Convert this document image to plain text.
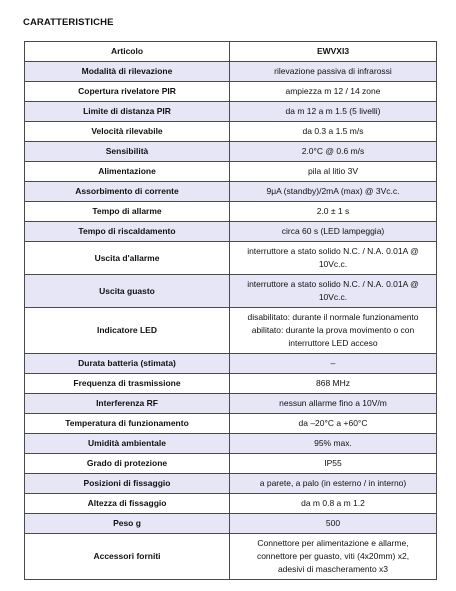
CARATTERISTICHE
Articolo	EWVXI3
Modalità di rilevazione	rilevazione passiva di infrarossi

Copertura rivelatore PIR	ampiezza m 12 / 14 zone

Limite di distanza PIR	da m 12 a m 1.5 (5 livelli)

Velocità rilevabile	da 0.3 a 1.5 m/s

Sensibilità	2.0°C @ 0.6 m/s

Alimentazione	pila al litio 3V

Assorbimento di corrente	9μA (standby)/2mA (max) @ 3Vc.c.

Tempo di allarme	2.0 ± 1 s

Tempo di riscaldamento	circa 60 s (LED lampeggia)

Uscita d'allarme	interruttore a stato solido N.C. / N.A. 0.01A @
10Vc.c.

Uscita guasto	interruttore a stato solido N.C. / N.A. 0.01A @
10Vc.c.

Indicatore LED	disabilitato: durante il normale funzionamento
abilitato: durante la prova movimento o con
interruttore LED acceso

Durata batteria (stimata)	–

Frequenza di trasmissione	868 MHz

Interferenza RF	nessun allarme fino a 10V/m

Temperatura di funzionamento	da –20°C a +60°C

Umidità ambientale	95% max.

Grado di protezione	IP55

Posizioni di fissaggio	a parete, a palo (in esterno / in interno)

Altezza di fissaggio	da m 0.8 a m 1.2

Peso g	500

Accessori forniti	Connettore per alimentazione e allarme,
connettore per guasto, viti (4x20mm) x2,
adesivi di mascheramento x3
